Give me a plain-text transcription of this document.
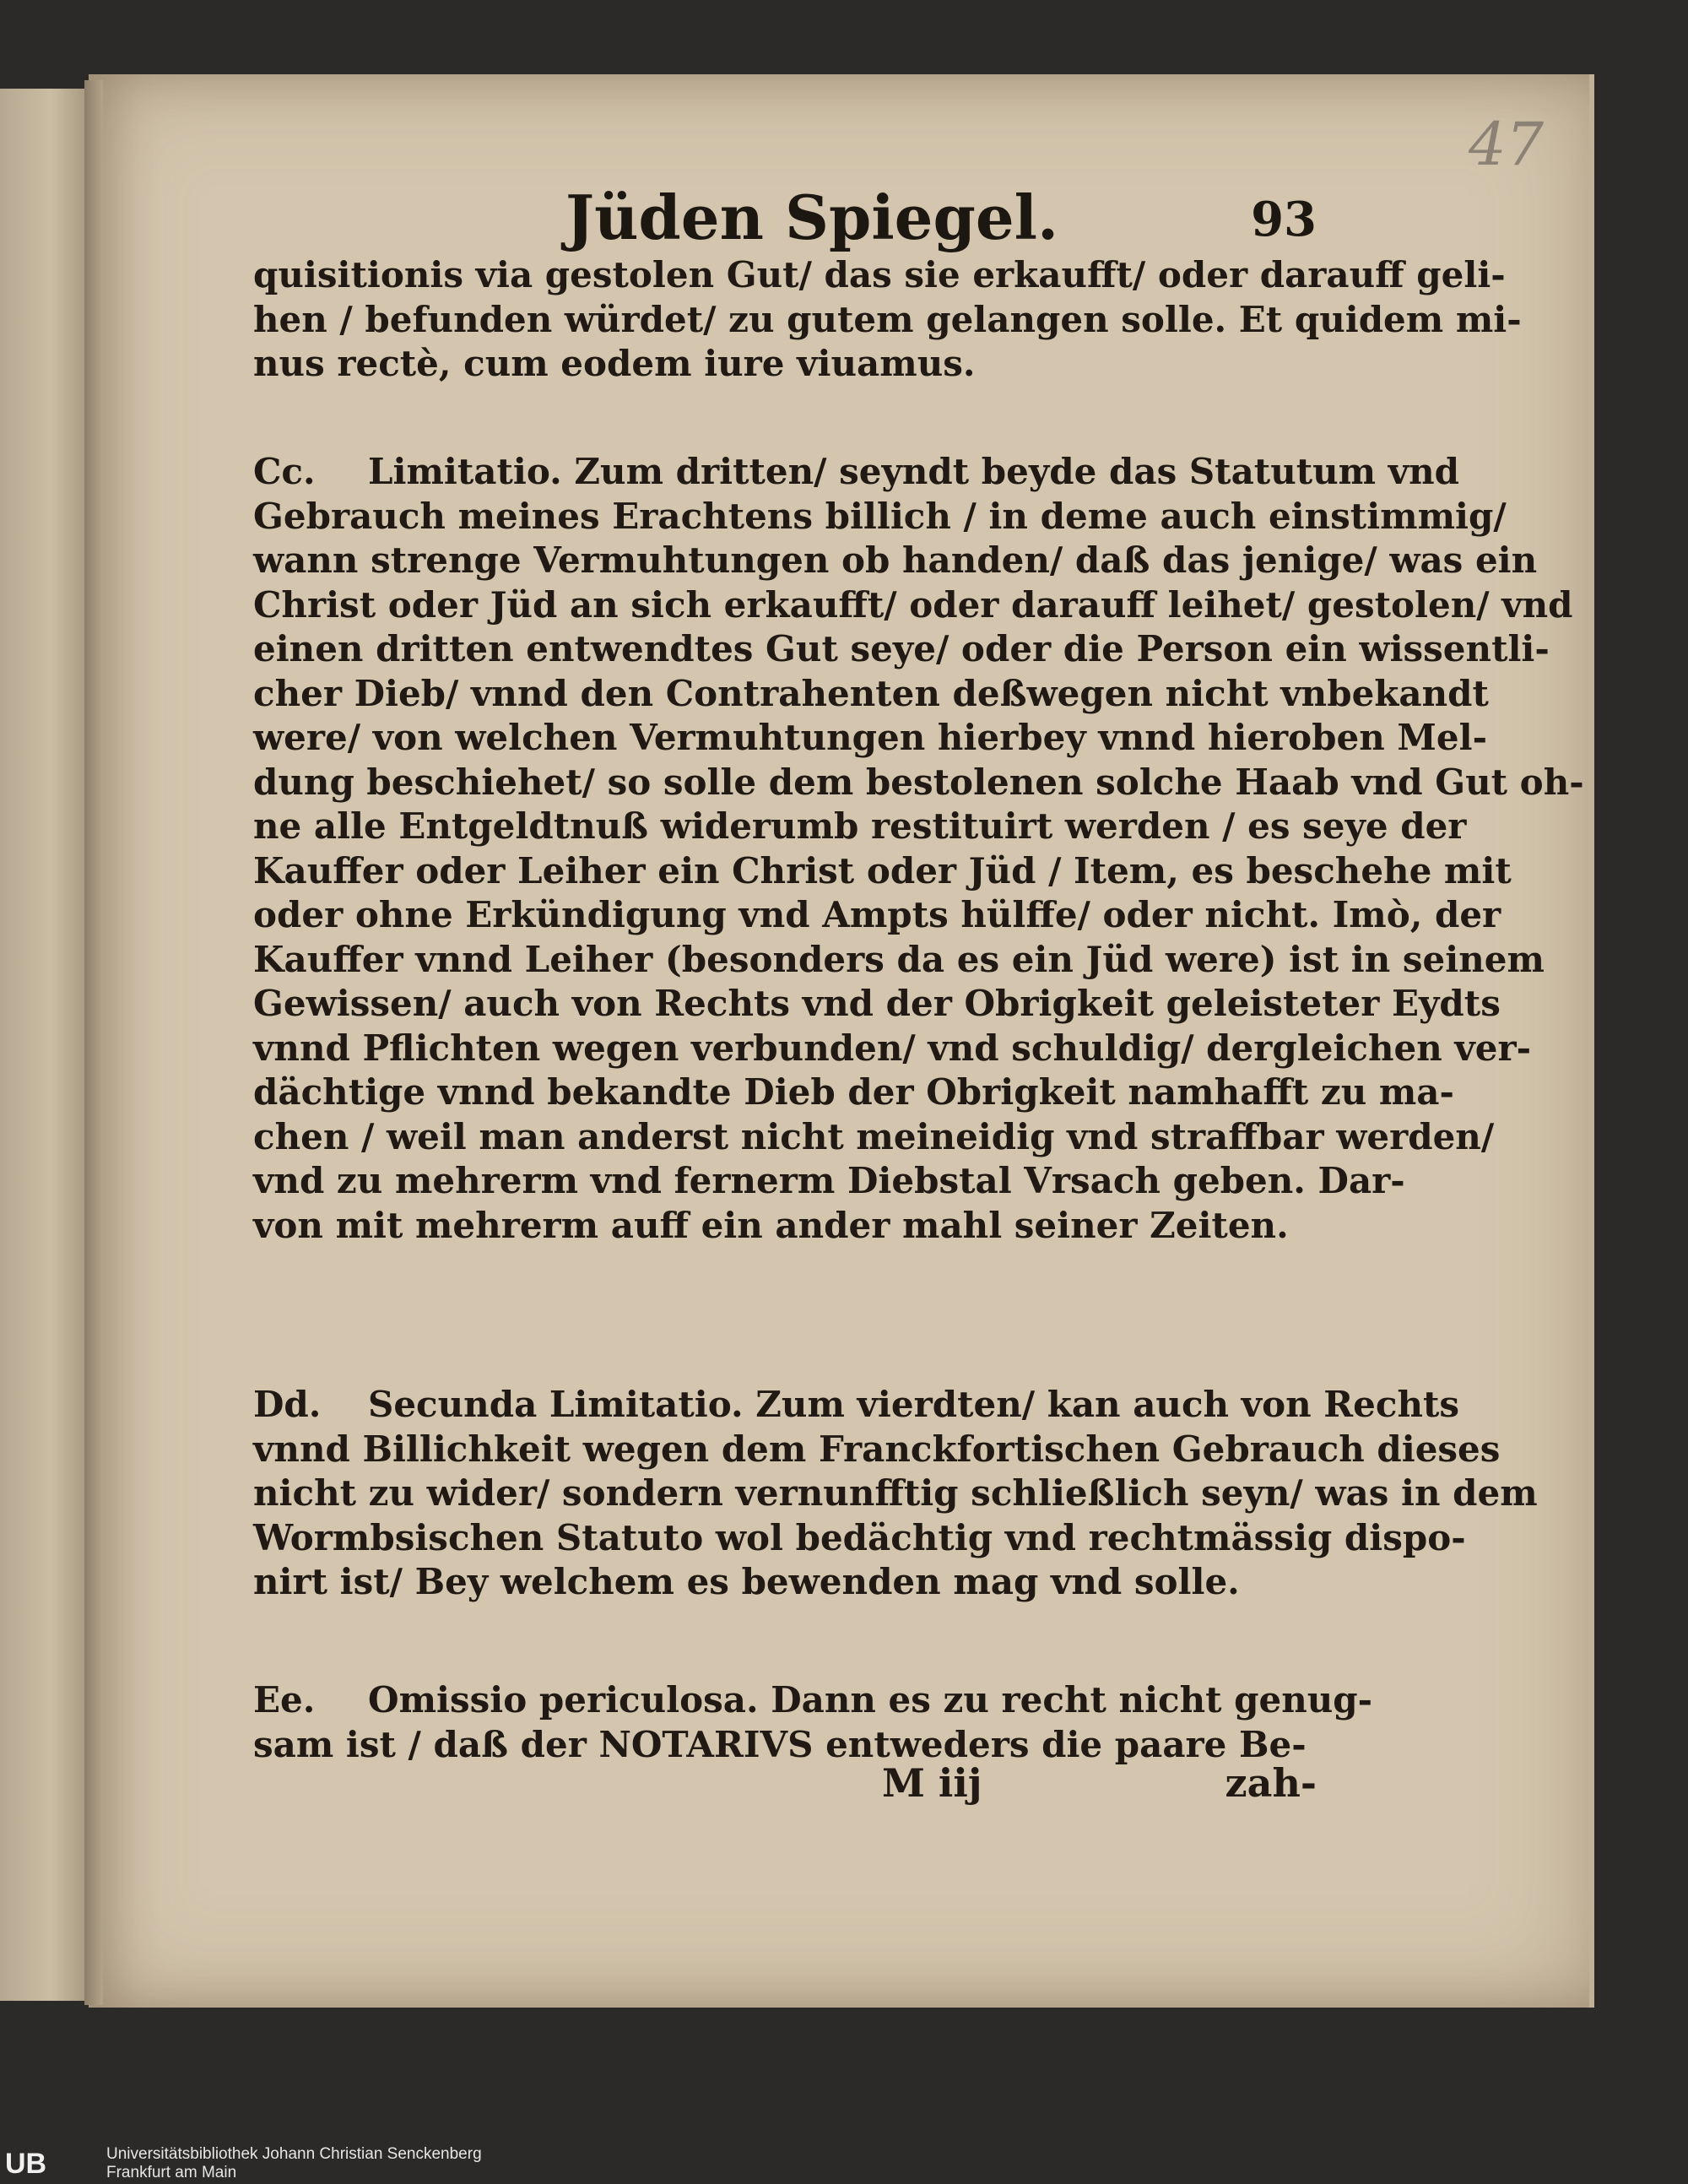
47
Jüden Spiegel.	93
quisitionis via gestolen Gut/ das sie erkaufft/ oder darauff geli-
hen / befunden würdet/ zu gutem gelangen solle. Et quidem mi-
nus rectè, cum eodem iure viuamus.
Cc. Limitatio. Zum dritten/ seyndt beyde das Statutum vnd
Gebrauch meines Erachtens billich / in deme auch einstimmig/
wann strenge Vermuhtungen ob handen/ daß das jenige/ was ein
Christ oder Jüd an sich erkaufft/ oder darauff leihet/ gestolen/ vnd
einen dritten entwendtes Gut seye/ oder die Person ein wissentli-
cher Dieb/ vnnd den Contrahenten deßwegen nicht vnbekandt
were/ von welchen Vermuhtungen hierbey vnnd hieroben Mel-
dung beschiehet/ so solle dem bestolenen solche Haab vnd Gut oh-
ne alle Entgeldtnuß widerumb restituirt werden / es seye der
Kauffer oder Leiher ein Christ oder Jüd / Item, es beschehe mit
oder ohne Erkündigung vnd Ampts hülffe/ oder nicht. Imò, der
Kauffer vnnd Leiher (besonders da es ein Jüd were) ist in seinem
Gewissen/ auch von Rechts vnd der Obrigkeit geleisteter Eydts
vnnd Pflichten wegen verbunden/ vnd schuldig/ dergleichen ver-
dächtige vnnd bekandte Dieb der Obrigkeit namhafft zu ma-
chen / weil man anderst nicht meineidig vnd straffbar werden/
vnd zu mehrerm vnd fernerm Diebstal Vrsach geben. Dar-
von mit mehrerm auff ein ander mahl seiner Zeiten.
Dd. Secunda Limitatio. Zum vierdten/ kan auch von Rechts
vnnd Billichkeit wegen dem Franckfortischen Gebrauch dieses
nicht zu wider/ sondern vernunfftig schließlich seyn/ was in dem
Wormbsischen Statuto wol bedächtig vnd rechtmässig dispo-
nirt ist/ Bey welchem es bewenden mag vnd solle.
Ee. Omissio periculosa. Dann es zu recht nicht genug-
sam ist / daß der NOTARIVS entweders die paare Be-
M iij	zah-
UB	Universitätsbibliothek Johann Christian Senckenberg
Frankfurt am Main
